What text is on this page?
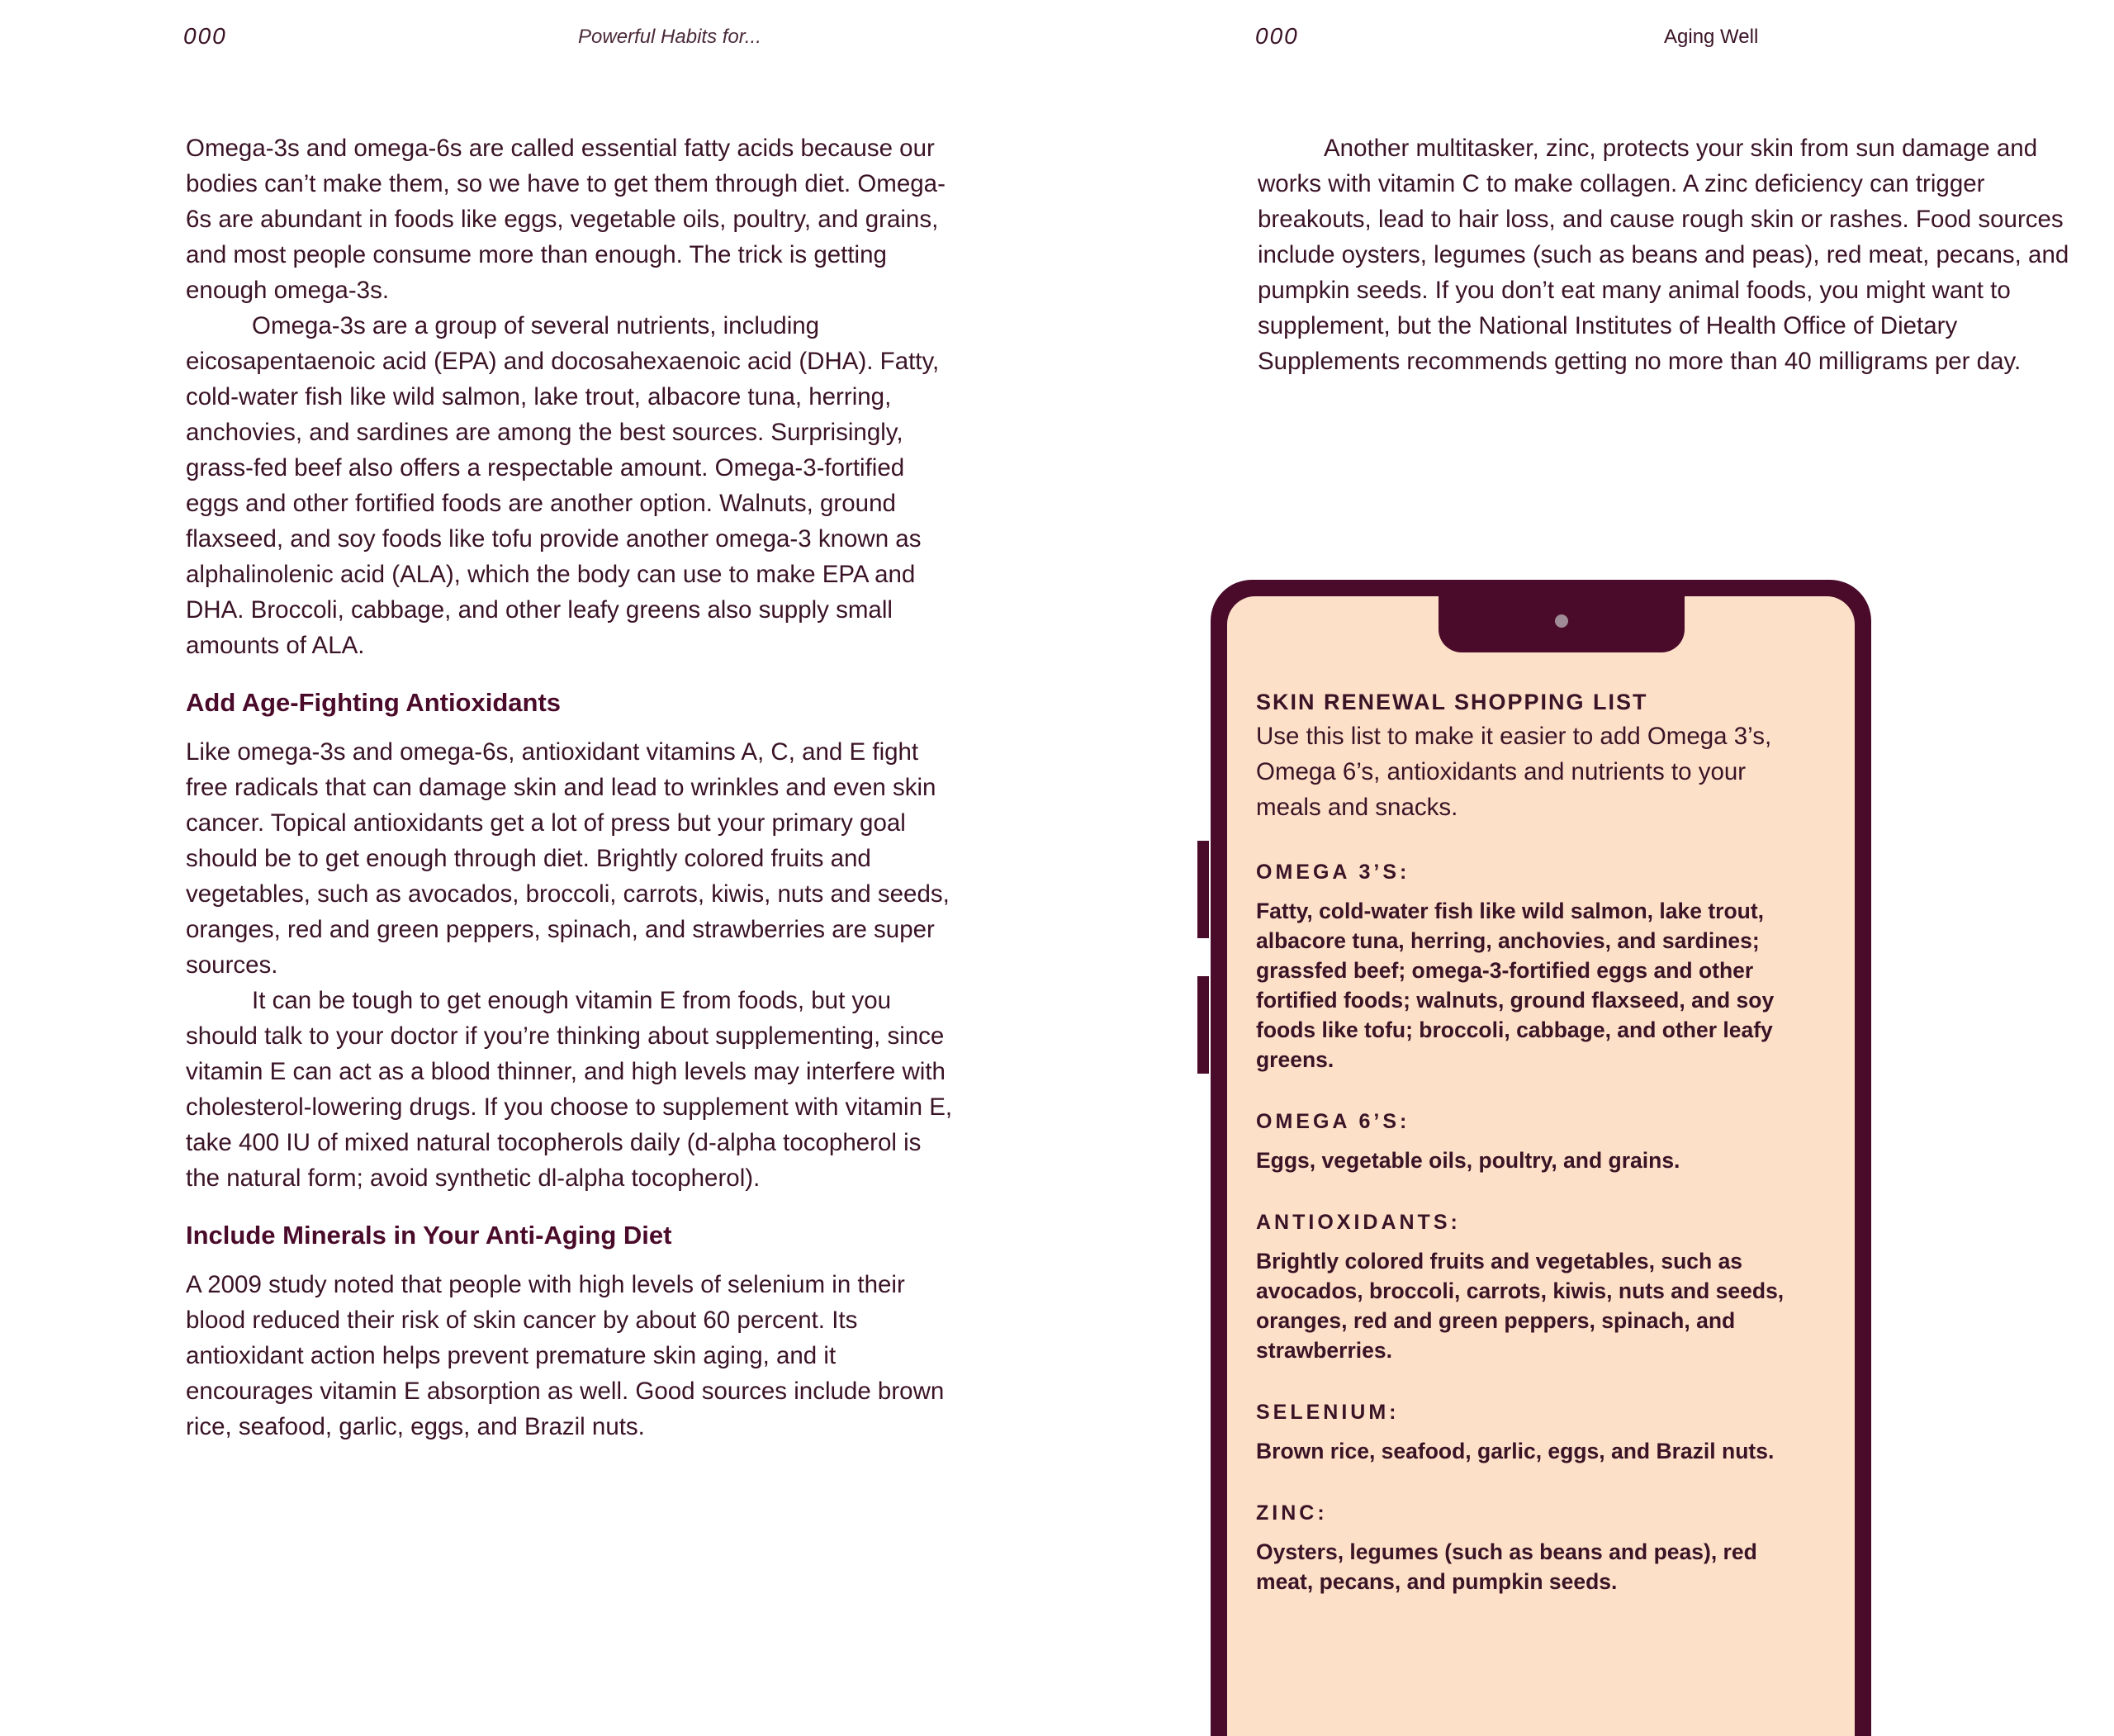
000	Powerful Habits for...

Omega-3s and omega-6s are called essential fatty acids because our bodies can’t make them, so we have to get them through diet. Omega-6s are abundant in foods like eggs, vegetable oils, poultry, and grains, and most people consume more than enough. The trick is getting enough omega-3s.

Omega-3s are a group of several nutrients, including eicosapentaenoic acid (EPA) and docosahexaenoic acid (DHA). Fatty, cold-water fish like wild salmon, lake trout, albacore tuna, herring, anchovies, and sardines are among the best sources. Surprisingly, grass-fed beef also offers a respectable amount. Omega-3-fortified eggs and other fortified foods are another option. Walnuts, ground flaxseed, and soy foods like tofu provide another omega-3 known as alphalinolenic acid (ALA), which the body can use to make EPA and DHA. Broccoli, cabbage, and other leafy greens also supply small amounts of ALA.

Add Age-Fighting Antioxidants

Like omega-3s and omega-6s, antioxidant vitamins A, C, and E fight free radicals that can damage skin and lead to wrinkles and even skin cancer. Topical antioxidants get a lot of press but your primary goal should be to get enough through diet. Brightly colored fruits and vegetables, such as avocados, broccoli, carrots, kiwis, nuts and seeds, oranges, red and green peppers, spinach, and strawberries are super sources.

It can be tough to get enough vitamin E from foods, but you should talk to your doctor if you’re thinking about supplementing, since vitamin E can act as a blood thinner, and high levels may interfere with cholesterol-lowering drugs. If you choose to supplement with vitamin E, take 400 IU of mixed natural tocopherols daily (d-alpha tocopherol is the natural form; avoid synthetic dl-alpha tocopherol).

Include Minerals in Your Anti-Aging Diet

A 2009 study noted that people with high levels of selenium in their blood reduced their risk of skin cancer by about 60 percent. Its antioxidant action helps prevent premature skin aging, and it encourages vitamin E absorption as well. Good sources include brown rice, seafood, garlic, eggs, and Brazil nuts.

000	Aging Well

Another multitasker, zinc, protects your skin from sun damage and works with vitamin C to make collagen. A zinc deficiency can trigger breakouts, lead to hair loss, and cause rough skin or rashes. Food sources include oysters, legumes (such as beans and peas), red meat, pecans, and pumpkin seeds. If you don’t eat many animal foods, you might want to supplement, but the National Institutes of Health Office of Dietary Supplements recommends getting no more than 40 milligrams per day.

SKIN RENEWAL SHOPPING LIST

Use this list to make it easier to add Omega 3’s, Omega 6’s, antioxidants and nutrients to your meals and snacks.

OMEGA 3’S:

Fatty, cold-water fish like wild salmon, lake trout, albacore tuna, herring, anchovies, and sardines; grassfed beef; omega-3-fortified eggs and other fortified foods; walnuts, ground flaxseed, and soy foods like tofu; broccoli, cabbage, and other leafy greens.

OMEGA 6’S:

Eggs, vegetable oils, poultry, and grains.

ANTIOXIDANTS:

Brightly colored fruits and vegetables, such as avocados, broccoli, carrots, kiwis, nuts and seeds, oranges, red and green peppers, spinach, and strawberries.

SELENIUM:

Brown rice, seafood, garlic, eggs, and Brazil nuts.

ZINC:

Oysters, legumes (such as beans and peas), red meat, pecans, and pumpkin seeds.
